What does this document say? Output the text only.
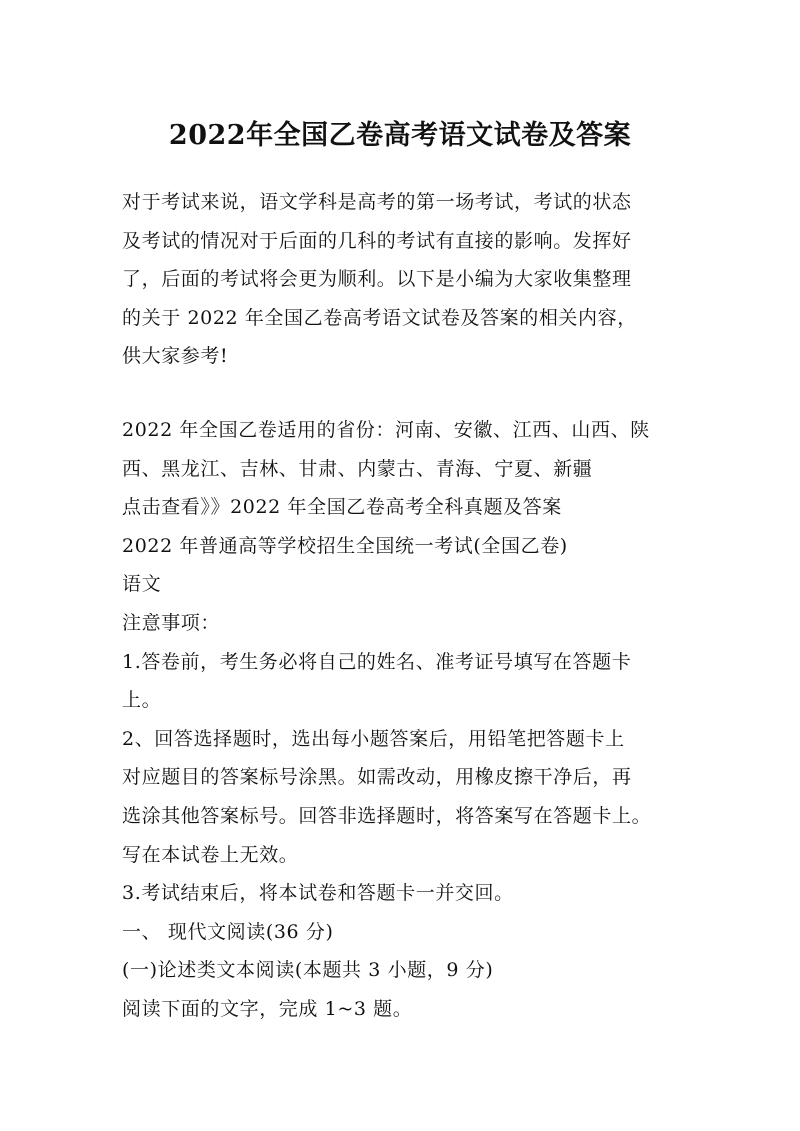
2022年全国乙卷高考语文试卷及答案
对于考试来说，语文学科是高考的第一场考试，考试的状态
及考试的情况对于后面的几科的考试有直接的影响。发挥好
了，后面的考试将会更为顺利。以下是小编为大家收集整理
的关于 2022 年全国乙卷高考语文试卷及答案的相关内容，
供大家参考!
2022 年全国乙卷适用的省份：河南、安徽、江西、山西、陕
西、黑龙江、吉林、甘肃、内蒙古、青海、宁夏、新疆
点击查看》》2022 年全国乙卷高考全科真题及答案
2022 年普通高等学校招生全国统一考试(全国乙卷)
语文
注意事项：
1.答卷前，考生务必将自己的姓名、准考证号填写在答题卡
上。
2、回答选择题时，选出每小题答案后，用铅笔把答题卡上
对应题目的答案标号涂黑。如需改动，用橡皮擦干净后，再
选涂其他答案标号。回答非选择题时，将答案写在答题卡上。
写在本试卷上无效。
3.考试结束后，将本试卷和答题卡一并交回。
一、 现代文阅读(36 分)
(一)论述类文本阅读(本题共 3 小题，9 分)
阅读下面的文字，完成 1~3 题。
